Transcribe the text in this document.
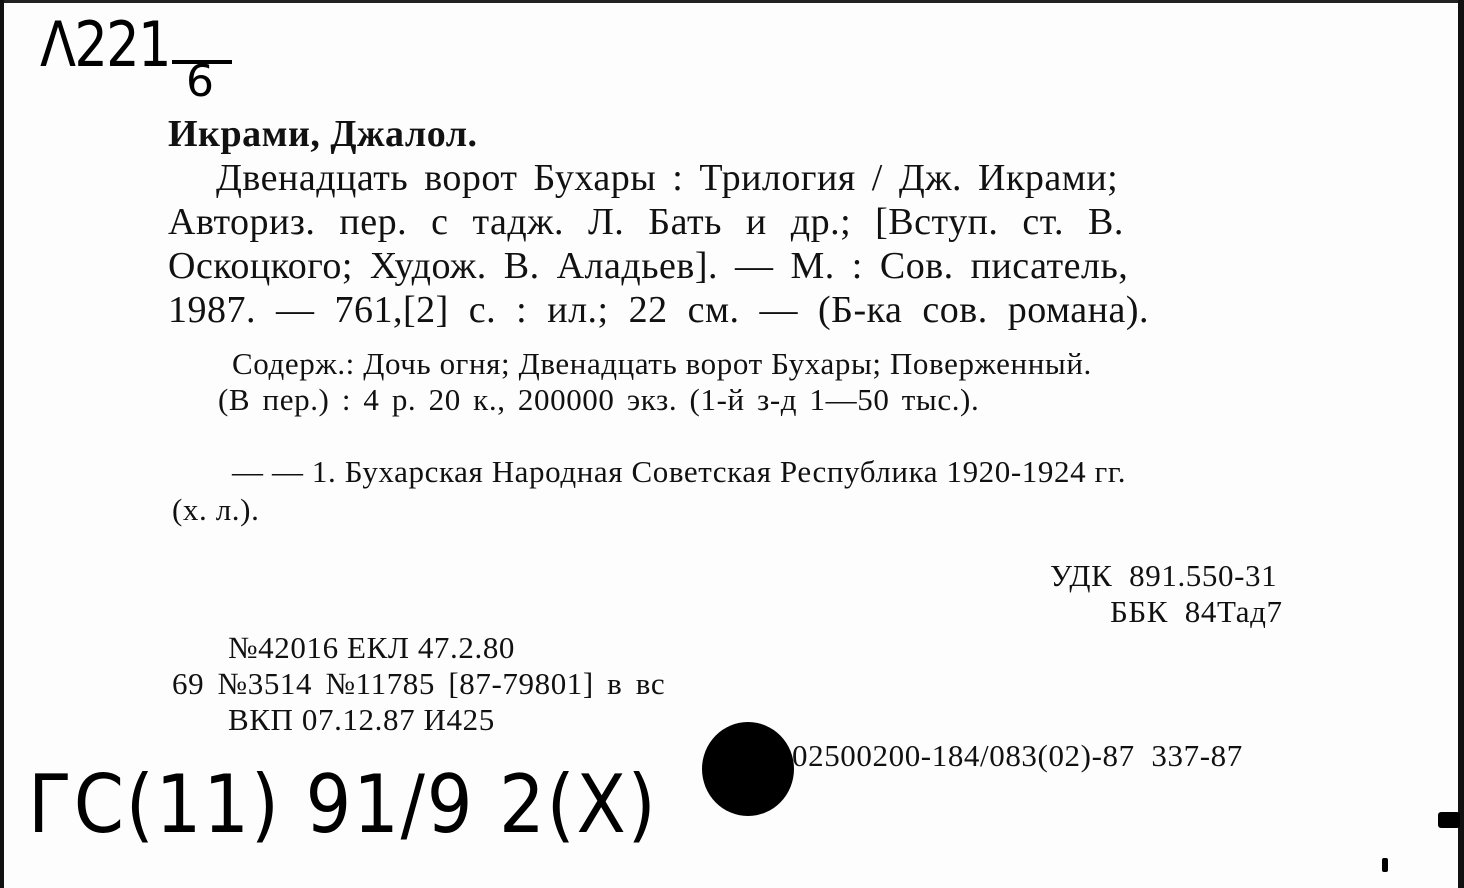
Λ221
6
Икрами, Джалол.
Двенадцать ворот Бухары : Трилогия / Дж. Икрами;
Авториз. пер. с тадж. Л. Бать и др.; [Вступ. ст. В.
Оскоцкого; Худож. В. Аладьев]. — М. : Сов. писатель,
1987. — 761,[2] с. : ил.; 22 см. — (Б-ка сов. романа).
Содерж.: Дочь огня; Двенадцать ворот Бухары; Поверженный.
(В пер.) : 4 р. 20 к., 200000 экз. (1-й з-д 1—50 тыс.).
— — 1. Бухарская Народная Советская Республика 1920-1924 гг.
(х. л.).
УДК  891.550-31
ББК  84Тад7
№42016 ЕКЛ 47.2.80
69 №3514 №11785 [87-79801] в вс
ВКП 07.12.87 И425
02500200-184/083(02)-87  337-87
ГС(11) 91/9 2(Х)
